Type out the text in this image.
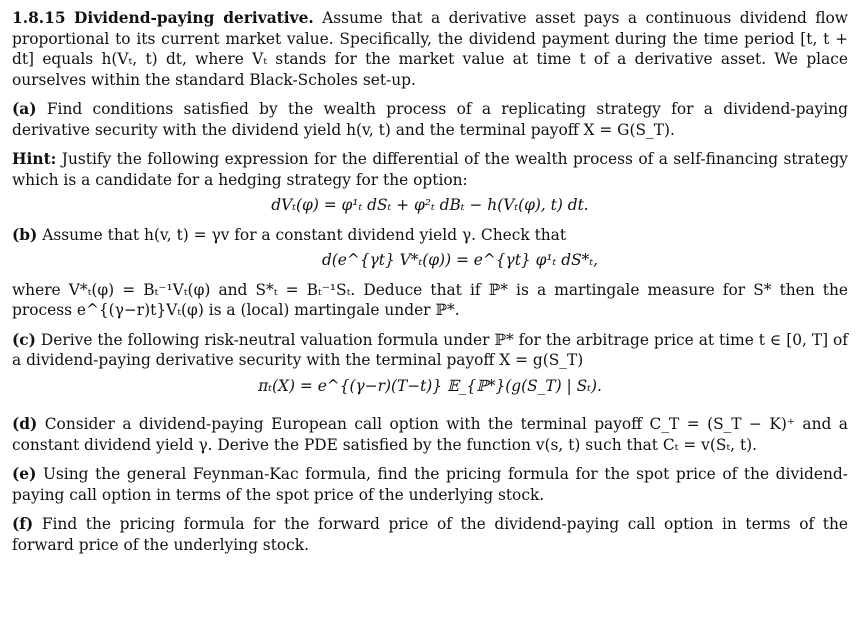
1.8.15 Dividend-paying derivative. Assume that a derivative asset pays a continuous dividend flow proportional to its current market value. Specifically, the dividend payment during the time period [t, t + dt] equals h(Vₜ, t) dt, where Vₜ stands for the market value at time t of a derivative asset. We place ourselves within the standard Black-Scholes set-up.

(a) Find conditions satisfied by the wealth process of a replicating strategy for a dividend-paying derivative security with the dividend yield h(v, t) and the terminal payoff X = G(S_T).

Hint: Justify the following expression for the differential of the wealth process of a self-financing strategy which is a candidate for a hedging strategy for the option:

dVₜ(φ) = φ¹ₜ dSₜ + φ²ₜ dBₜ − h(Vₜ(φ), t) dt.

(b) Assume that h(v, t) = γv for a constant dividend yield γ. Check that

d(e^{γt} V*ₜ(φ)) = e^{γt} φ¹ₜ dS*ₜ,

where V*ₜ(φ) = Bₜ⁻¹Vₜ(φ) and S*ₜ = Bₜ⁻¹Sₜ. Deduce that if ℙ* is a martingale measure for S* then the process e^{(γ−r)t}Vₜ(φ) is a (local) martingale under ℙ*.

(c) Derive the following risk-neutral valuation formula under ℙ* for the arbitrage price at time t ∈ [0, T] of a dividend-paying derivative security with the terminal payoff X = g(S_T)

πₜ(X) = e^{(γ−r)(T−t)} 𝔼_{ℙ*}(g(S_T) | Sₜ).

(d) Consider a dividend-paying European call option with the terminal payoff C_T = (S_T − K)⁺ and a constant dividend yield γ. Derive the PDE satisfied by the function v(s, t) such that Cₜ = v(Sₜ, t).

(e) Using the general Feynman-Kac formula, find the pricing formula for the spot price of the dividend-paying call option in terms of the spot price of the underlying stock.

(f) Find the pricing formula for the forward price of the dividend-paying call option in terms of the forward price of the underlying stock.
